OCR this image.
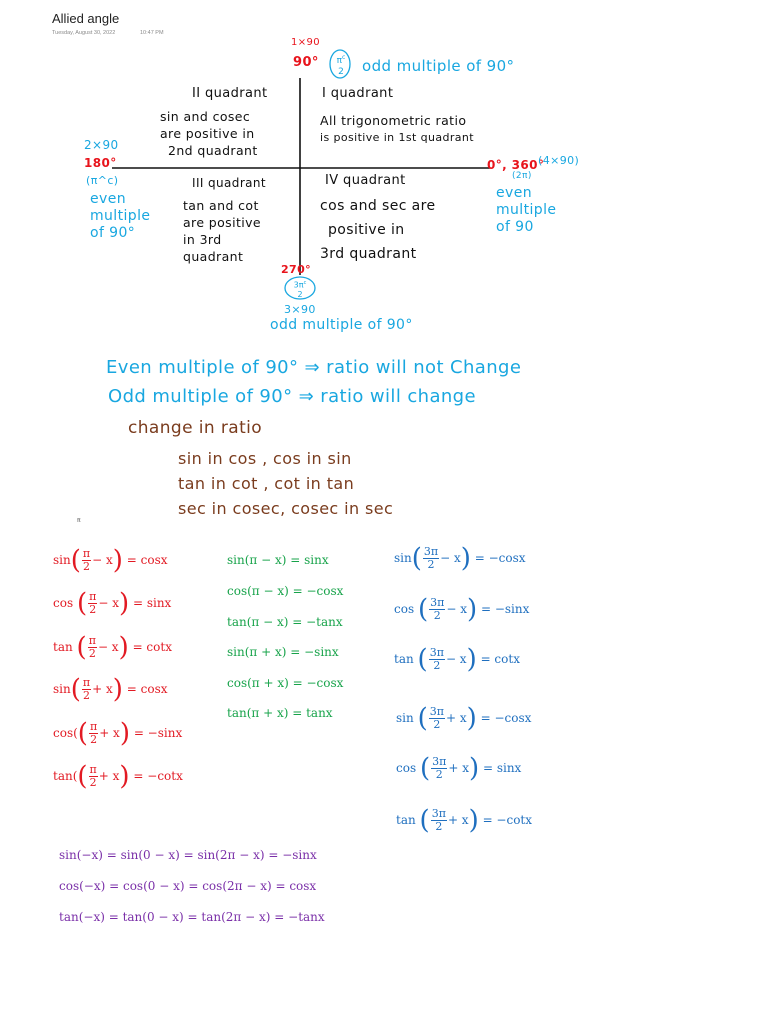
Allied angle
Tuesday, August 30, 2022	10:47 PM
1×90
90°	$\pi^c$
2	odd multiple of 90°
2×90
180°
(π^c)
even
multiple
of 90°
0°, 360°
(4×90)
(2π)
even
multiple
of 90
270°
$3\pi^c$
2
3×90
odd multiple of 90°
II quadrant
sin and cosec
are positive in
2nd quadrant
I quadrant
All trigonometric ratio
is positive in 1st quadrant
III quadrant
tan and cot
are positive
in 3rd
quadrant
IV quadrant
cos and sec are
positive in
3rd quadrant
Even multiple of 90° ⇒ ratio will not Change
Odd multiple of 90° ⇒ ratio will change
change in ratio
sin in cos , cos in sin
tan in cot , cot in tan
sec in cosec, cosec in sec
π
$\sin( \frac{\pi}{2} - x) = \cos x$
cos ( $\frac{\pi}{2} - x) = \sin x$
tan ( $\frac{\pi}{2} - x) = \cot x$
$\sin( \frac{\pi}{2} + x) = \cos x$
$\cos(( \frac{\pi}{2} + x) = -\sin x$
$\tan(( \frac{\pi}{2} + x) = -\cot x$
sin(π − x) = sinx
cos(π − x) = −cosx
tan(π − x) = −tanx
sin(π + x) = −sinx
cos(π + x) = −cosx
tan(π + x) = tanx
$\sin( \frac{3\pi}{2} - x) = -\cos x$
cos ( $\frac{3\pi}{2} - x) = -\sin x$
tan ( $\frac{3\pi}{2} - x) = \cot x$
sin ( $\frac{3\pi}{2} + x) = -\cos x$
cos ( $\frac{3\pi}{2} + x) = \sin x$
tan ( $\frac{3\pi}{2} + x) = -\cot x$
sin(−x) = sin(0 − x) = sin(2π − x) = −sinx
cos(−x) = cos(0 − x) = cos(2π − x) = cosx
tan(−x) = tan(0 − x) = tan(2π − x) = −tanx
